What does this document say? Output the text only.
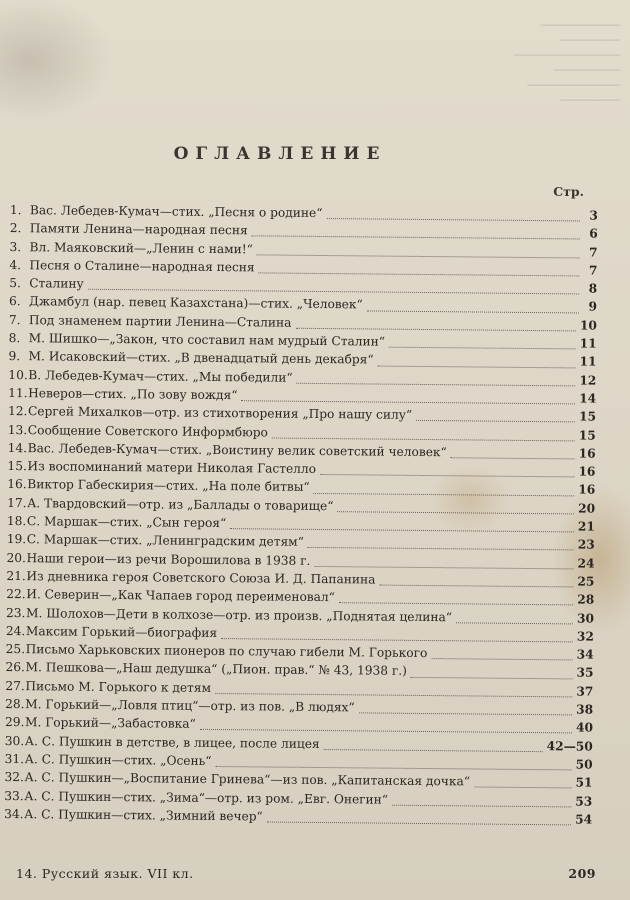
────────────
─────────
────────────────
──────────
──────────────
─────────
ОГЛАВЛЕНИЕ
Стр.
1. Вас. Лебедев-Кумач—стих. „Песня о родине“	3
2. Памяти Ленина—народная песня	6
3. Вл. Маяковский—„Ленин с нами!“	7
4. Песня о Сталине—народная песня	7
5. Сталину	8
6. Джамбул (нар. певец Казахстана)—стих. „Человек“	9
7. Под знаменем партии Ленина—Сталина	10
8. М. Шишко—„Закон, что составил нам мудрый Сталин“	11
9. М. Исаковский—стих. „В двенадцатый день декабря“	11
10. В. Лебедев-Кумач—стих. „Мы победили“	12
11. Неверов—стих. „По зову вождя“	14
12. Сергей Михалков—отр. из стихотворения „Про нашу силу“	15
13. Сообщение Советского Информбюро	15
14. Вас. Лебедев-Кумач—стих. „Воистину велик советский человек“	16
15. Из воспоминаний матери Николая Гастелло	16
16. Виктор Габескирия—стих. „На поле битвы“	16
17. А. Твардовский—отр. из „Баллады о товарище“	20
18. С. Маршак—стих. „Сын героя“	21
19. С. Маршак—стих. „Ленинградским детям“	23
20. Наши герои—из речи Ворошилова в 1938 г.	24
21. Из дневника героя Советского Союза И. Д. Папанина	25
22. И. Северин—„Как Чапаев город переименовал“	28
23. М. Шолохов—Дети в колхозе—отр. из произв. „Поднятая целина“	30
24. Максим Горький—биография	32
25. Письмо Харьковских пионеров по случаю гибели М. Горького	34
26. М. Пешкова—„Наш дедушка“ („Пион. прав.“ № 43, 1938 г.)	35
27. Письмо М. Горького к детям	37
28. М. Горький—„Ловля птиц“—отр. из пов. „В людях“	38
29. М. Горький—„Забастовка“	40
30. А. С. Пушкин в детстве, в лицее, после лицея	42—50
31. А. С. Пушкин—стих. „Осень“	50
32. А. С. Пушкин—„Воспитание Гринева“—из пов. „Капитанская дочка“	51
33. А. С. Пушкин—стих. „Зима“—отр. из ром. „Евг. Онегин“	53
34. А. С. Пушкин—стих. „Зимний вечер“	54
14. Русский язык. VII кл.	209
